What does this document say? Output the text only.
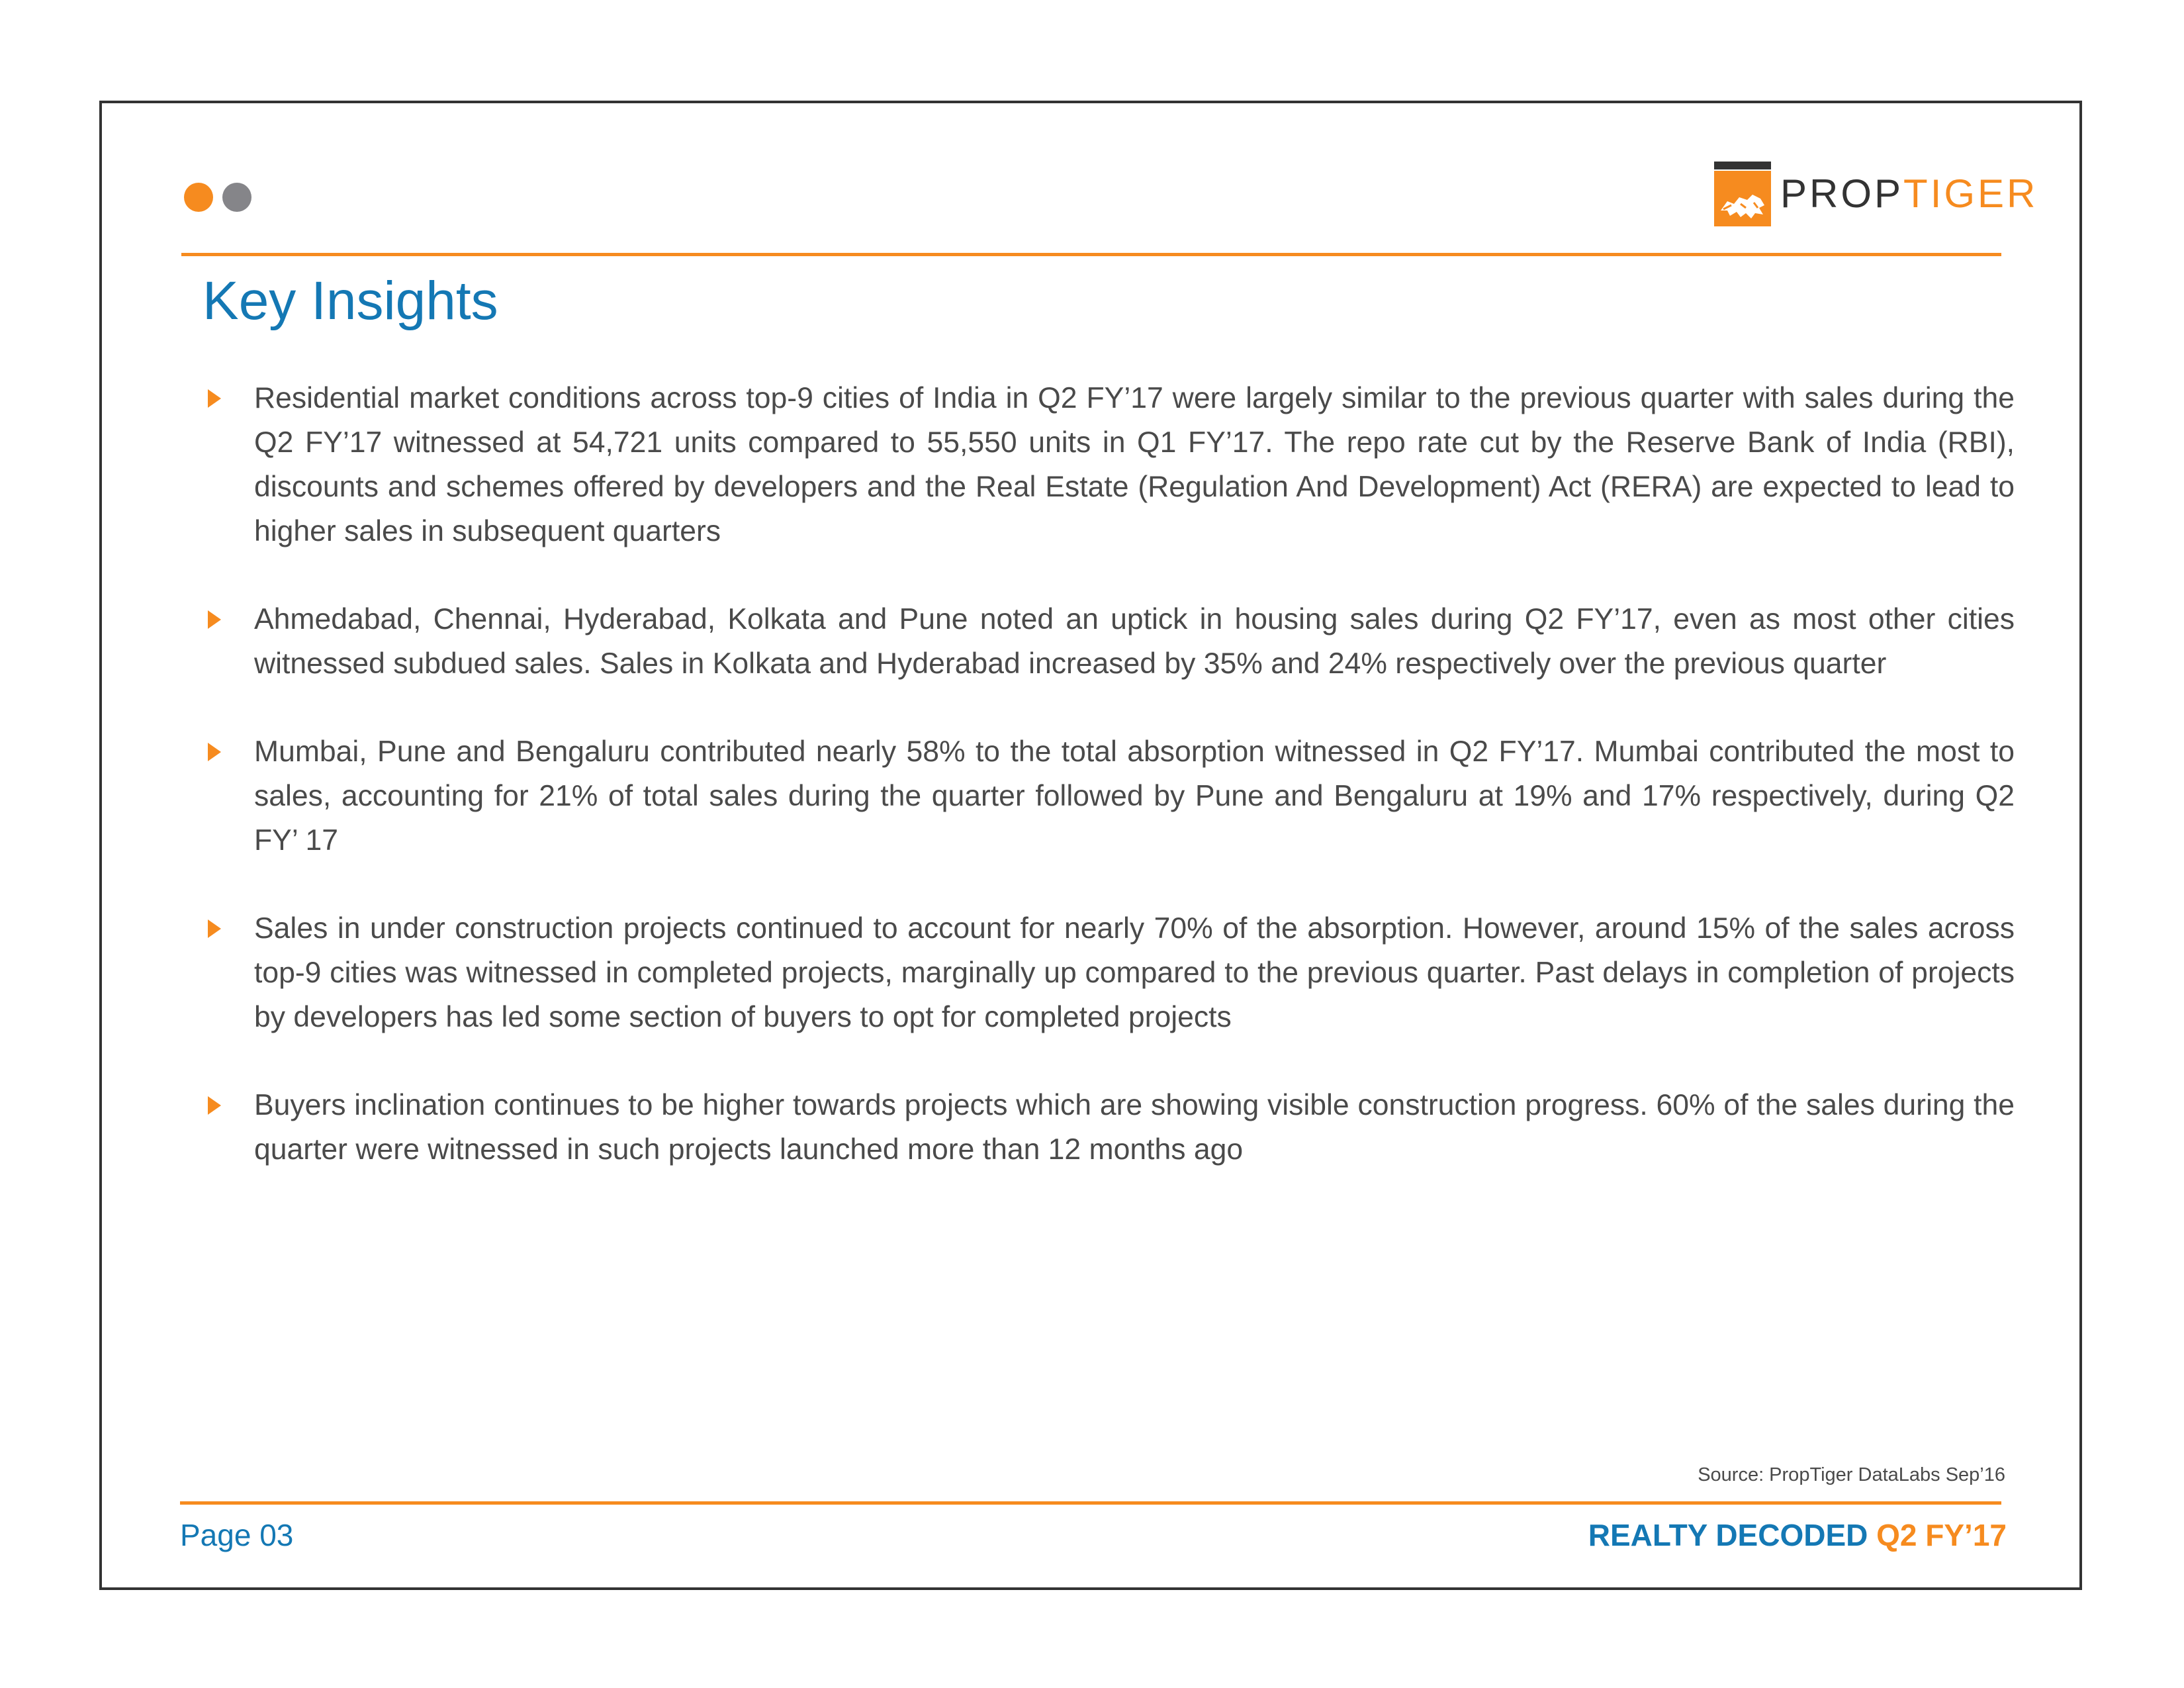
PROPTIGER
Key Insights
Residential market conditions across top-9 cities of India in Q2 FY’17 were largely similar to the previous quarter with sales during the Q2 FY’17 witnessed at 54,721 units compared to 55,550 units in Q1 FY’17. The repo rate cut by the Reserve Bank of India (RBI), discounts and schemes offered by developers and the Real Estate (Regulation And Development) Act (RERA) are expected to lead to higher sales in subsequent quarters
Ahmedabad, Chennai, Hyderabad, Kolkata and Pune noted an uptick in housing sales during Q2 FY’17, even as most other cities witnessed subdued sales. Sales in Kolkata and Hyderabad increased by 35% and 24% respectively over the previous quarter
Mumbai, Pune and Bengaluru contributed nearly 58% to the total absorption witnessed in Q2 FY’17. Mumbai contributed the most to sales, accounting for 21% of total sales during the quarter followed by Pune and Bengaluru at 19% and 17% respectively, during Q2 FY’ 17
Sales in under construction projects continued to account for nearly 70% of the absorption. However, around 15% of the sales across top-9 cities was witnessed in completed projects, marginally up compared to the previous quarter. Past delays in completion of projects by developers has led some section of buyers to opt for completed projects
Buyers inclination continues to be higher towards projects which are showing visible construction progress. 60% of the sales during the quarter were witnessed in such projects launched more than 12 months ago
Source: PropTiger DataLabs Sep’16
Page 03	REALTY DECODED Q2 FY’17
